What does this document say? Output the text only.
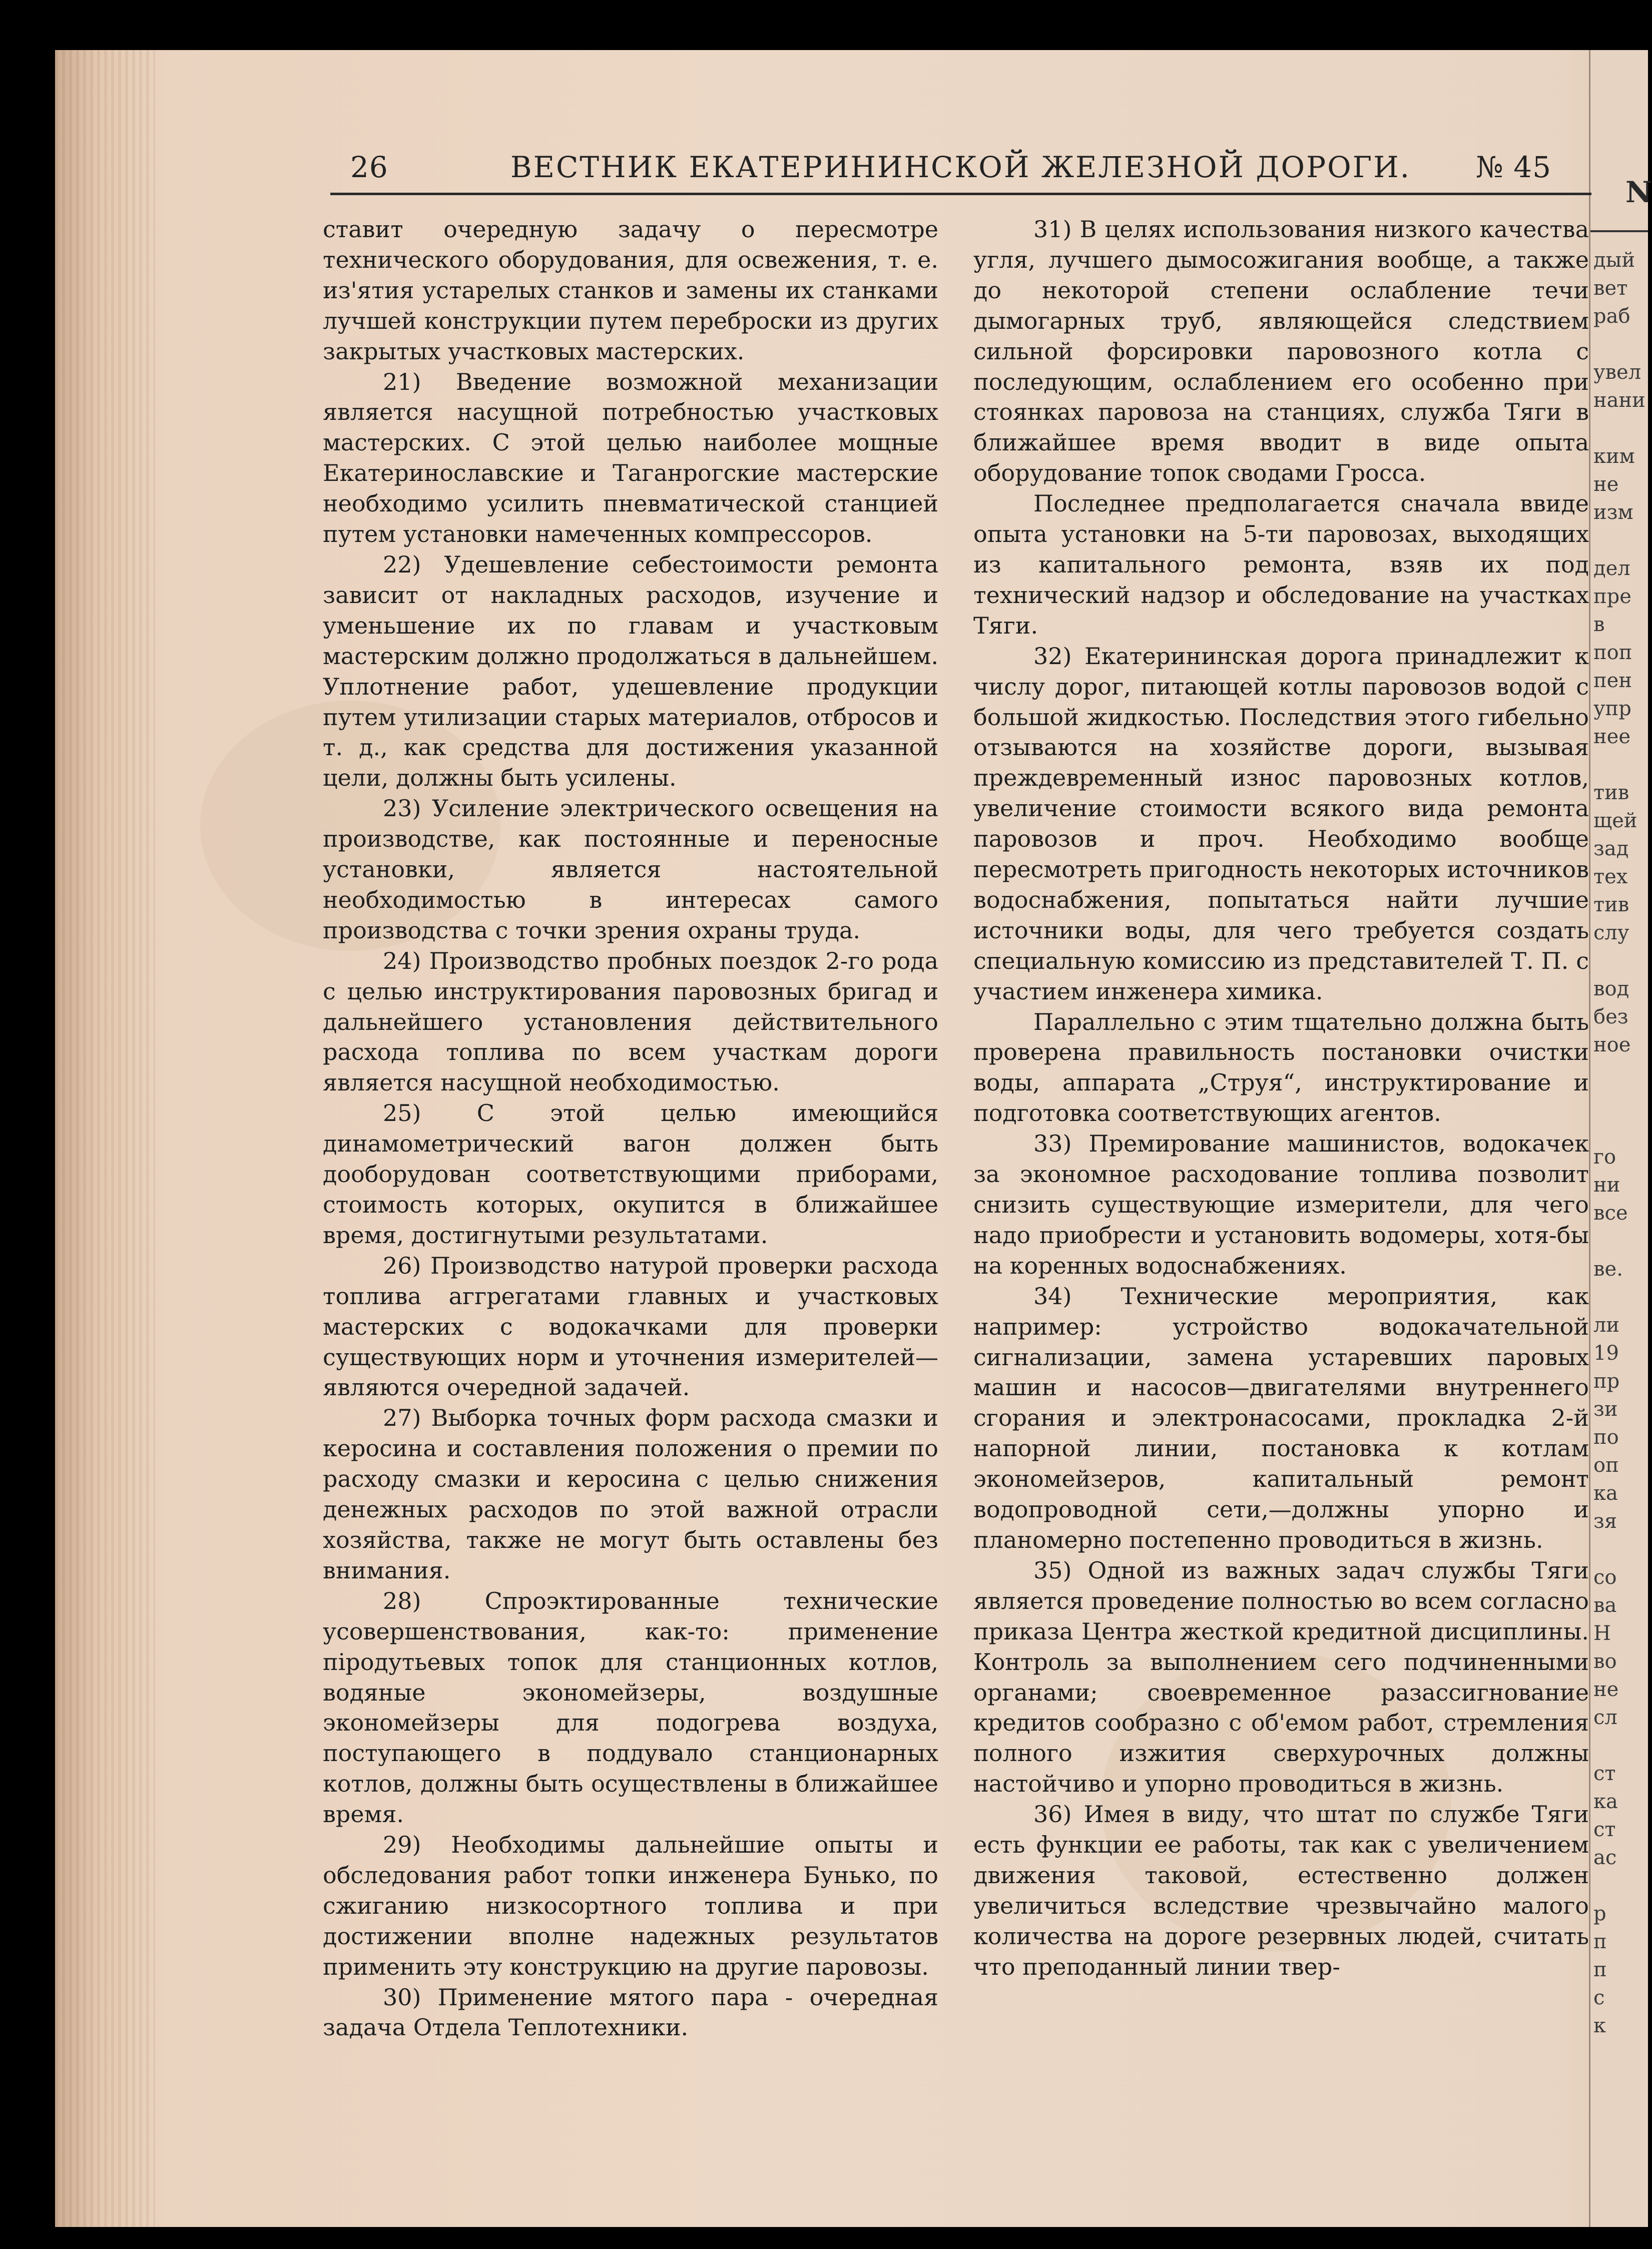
N
дый
вет
раб
увел
нани
ким
не
изм
дел
пре
в
поп
пен
упр
нее
тив
щей
зад
тех
тив
слу
вод
без
ное
го
ни
все
ве.
ли
19
пр
зи
по
оп
ка
зя
со
ва
Н
во
не
сл
ст
ка
ст
ac
р
п
п
с
к
26	ВЕСТНИК ЕКАТЕРИНИНСКОЙ ЖЕЛЕЗНОЙ ДОРОГИ. № 45

ставит очередную задачу о пересмотре технического оборудования, для освежения, т. е. из'ятия устарелых станков и замены их станками лучшей конструкции путем переброски из других закрытых участковых мастерских.

21) Введение возможной механизации является насущной потребностью участковых мастерских. С этой целью наиболее мощные Екатеринославские и Таганрогские мастерские необходимо усилить пневматической станцией путем установки намеченных компрессоров.

22) Удешевление себестоимости ремонта зависит от накладных расходов, изучение и уменьшение их по главам и участковым мастерским должно продолжаться в дальнейшем. Уплотнение работ, удешевление продукции путем утилизации старых материалов, отбросов и т. д., как средства для достижения указанной цели, должны быть усилены.

23) Усиление электрического освещения на производстве, как постоянные и переносные установки, является настоятельной необходимостью в интересах самого производства с точки зрения охраны труда.

24) Производство пробных поездок 2-го рода с целью инструктирования паровозных бригад и дальнейшего установления действительного расхода топлива по всем участкам дороги является насущной необходимостью.

25) С этой целью имеющийся динамометрический вагон должен быть дооборудован соответствующими приборами, стоимость которых, окупится в ближайшее время, достигнутыми результатами.

26) Производство натурой проверки расхода топлива аггрегатами главных и участковых мастерских с водокачками для проверки существующих норм и уточнения измерителей—являются очередной задачей.

27) Выборка точных форм расхода смазки и керосина и составления положения о премии по расходу смазки и керосина с целью снижения денежных расходов по этой важной отрасли хозяйства, также не могут быть оставлены без внимания.

28) Спроэктированные технические усовершенствования, как-то: применение піродутьевых топок для станционных котлов, водяные экономейзеры, воздушные экономейзеры для подогрева воздуха, поступающего в поддувало станционарных котлов, должны быть осуществлены в ближайшее время.

29) Необходимы дальнейшие опыты и обследования работ топки инженера Бунько, по сжиганию низкосортного топлива и при достижении вполне надежных результатов применить эту конструкцию на другие паровозы.

30) Применение мятого пара - очередная задача Отдела Теплотехники.

31) В целях использования низкого качества угля, лучшего дымосожигания вообще, а также до некоторой степени ослабление течи дымогарных труб, являющейся следствием сильной форсировки паровозного котла с последующим, ослаблением его особенно при стоянках паровоза на станциях, служба Тяги в ближайшее время вводит в виде опыта оборудование топок сводами Гросса.

Последнее предполагается сначала ввиде опыта установки на 5-ти паровозах, выходящих из капитального ремонта, взяв их под технический надзор и обследование на участках Тяги.

32) Екатерининская дорога принадлежит к числу дорог, питающей котлы паровозов водой с большой жидкостью. Последствия этого гибельно отзываются на хозяйстве дороги, вызывая преждевременный износ паровозных котлов, увеличение стоимости всякого вида ремонта паровозов и проч. Необходимо вообще пересмотреть пригодность некоторых источников водоснабжения, попытаться найти лучшие источники воды, для чего требуется создать специальную комиссию из представителей Т. П. с участием инженера химика.

Параллельно с этим тщательно должна быть проверена правильность постановки очистки воды, аппарата „Струя“, инструктирование и подготовка соответствующих агентов.

33) Премирование машинистов, водокачек за экономное расходование топлива позволит снизить существующие измерители, для чего надо приобрести и установить водомеры, хотя-бы на коренных водоснабжениях.

34) Технические мероприятия, как например: устройство водокачательной сигнализации, замена устаревших паровых машин и насосов—двигателями внутреннего сгорания и электронасосами, прокладка 2-й напорной линии, постановка к котлам экономейзеров, капитальный ремонт водопроводной сети,—должны упорно и планомерно постепенно проводиться в жизнь.

35) Одной из важных задач службы Тяги является проведение полностью во всем согласно приказа Центра жесткой кредитной дисциплины. Контроль за выполнением сего подчиненными органами; своевременное разассигнование кредитов сообразно с об'емом работ, стремления полного изжития сверхурочных должны настойчиво и упорно проводиться в жизнь.

36) Имея в виду, что штат по службе Тяги есть функции ее работы, так как с увеличением движения таковой, естественно должен увеличиться вследствие чрезвычайно малого количества на дороге резервных людей, считать что преподанный линии твер-
